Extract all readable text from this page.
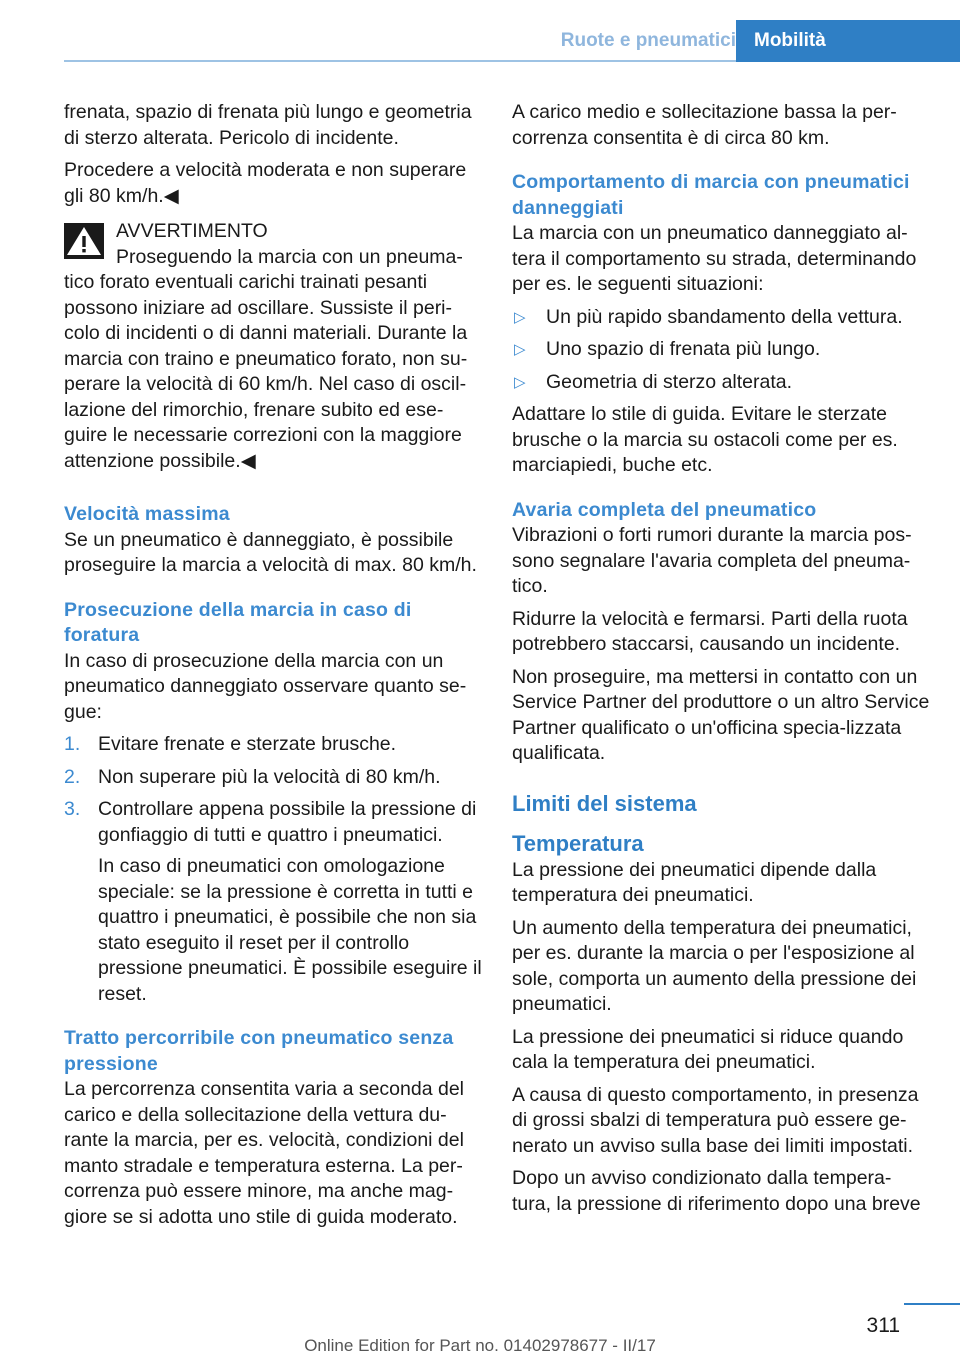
Ruote e pneumatici Mobilità

frenata, spazio di frenata più lungo e geometria di sterzo alterata. Pericolo di incidente.

Procedere a velocità moderata e non superare gli 80 km/h.◀

AVVERTIMENTO
Proseguendo la marcia con un pneuma‐
tico forato eventuali carichi trainati pesanti possono iniziare ad oscillare. Sussiste il peri‐colo di incidenti o di danni materiali. Durante la marcia con traino e pneumatico forato, non su‐perare la velocità di 60 km/h. Nel caso di oscil‐lazione del rimorchio, frenare subito ed ese‐guire le necessarie correzioni con la maggiore attenzione possibile.◀
Velocità massima

Se un pneumatico è danneggiato, è possibile proseguire la marcia a velocità di max. 80 km/h.

Prosecuzione della marcia in caso di foratura

In caso di prosecuzione della marcia con un pneumatico danneggiato osservare quanto se‐gue:

1. Evitare frenate e sterzate brusche.
2. Non superare più la velocità di 80 km/h.
3. Controllare appena possibile la pressione di gonfiaggio di tutti e quattro i pneumatici.

In caso di pneumatici con omologazione speciale: se la pressione è corretta in tutti e quattro i pneumatici, è possibile che non sia stato eseguito il reset per il controllo pressione pneumatici. È possibile eseguire il reset.

Tratto percorribile con pneumatico senza pressione

La percorrenza consentita varia a seconda del carico e della sollecitazione della vettura du‐rante la marcia, per es. velocità, condizioni del manto stradale e temperatura esterna. La per‐correnza può essere minore, ma anche mag‐giore se si adotta uno stile di guida moderato.

A carico medio e sollecitazione bassa la per‐correnza consentita è di circa 80 km.

Comportamento di marcia con pneumatici danneggiati

La marcia con un pneumatico danneggiato al‐tera il comportamento su strada, determinando per es. le seguenti situazioni:

▷ Un più rapido sbandamento della vettura.
▷ Uno spazio di frenata più lungo.
▷ Geometria di sterzo alterata.

Adattare lo stile di guida. Evitare le sterzate brusche o la marcia su ostacoli come per es. marciapiedi, buche etc.

Avaria completa del pneumatico

Vibrazioni o forti rumori durante la marcia pos‐sono segnalare l'avaria completa del pneuma‐tico.

Ridurre la velocità e fermarsi. Parti della ruota potrebbero staccarsi, causando un incidente.

Non proseguire, ma mettersi in contatto con un Service Partner del produttore o un altro Service Partner qualificato o un'officina specia‐lizzata qualificata.

Limiti del sistema
Temperatura

La pressione dei pneumatici dipende dalla temperatura dei pneumatici.

Un aumento della temperatura dei pneumatici, per es. durante la marcia o per l'esposizione al sole, comporta un aumento della pressione dei pneumatici.

La pressione dei pneumatici si riduce quando cala la temperatura dei pneumatici.

A causa di questo comportamento, in presenza di grossi sbalzi di temperatura può essere ge‐nerato un avviso sulla base dei limiti impostati.

Dopo un avviso condizionato dalla tempera‐tura, la pressione di riferimento dopo una breve

311
Online Edition for Part no. 01402978677 - II/17
